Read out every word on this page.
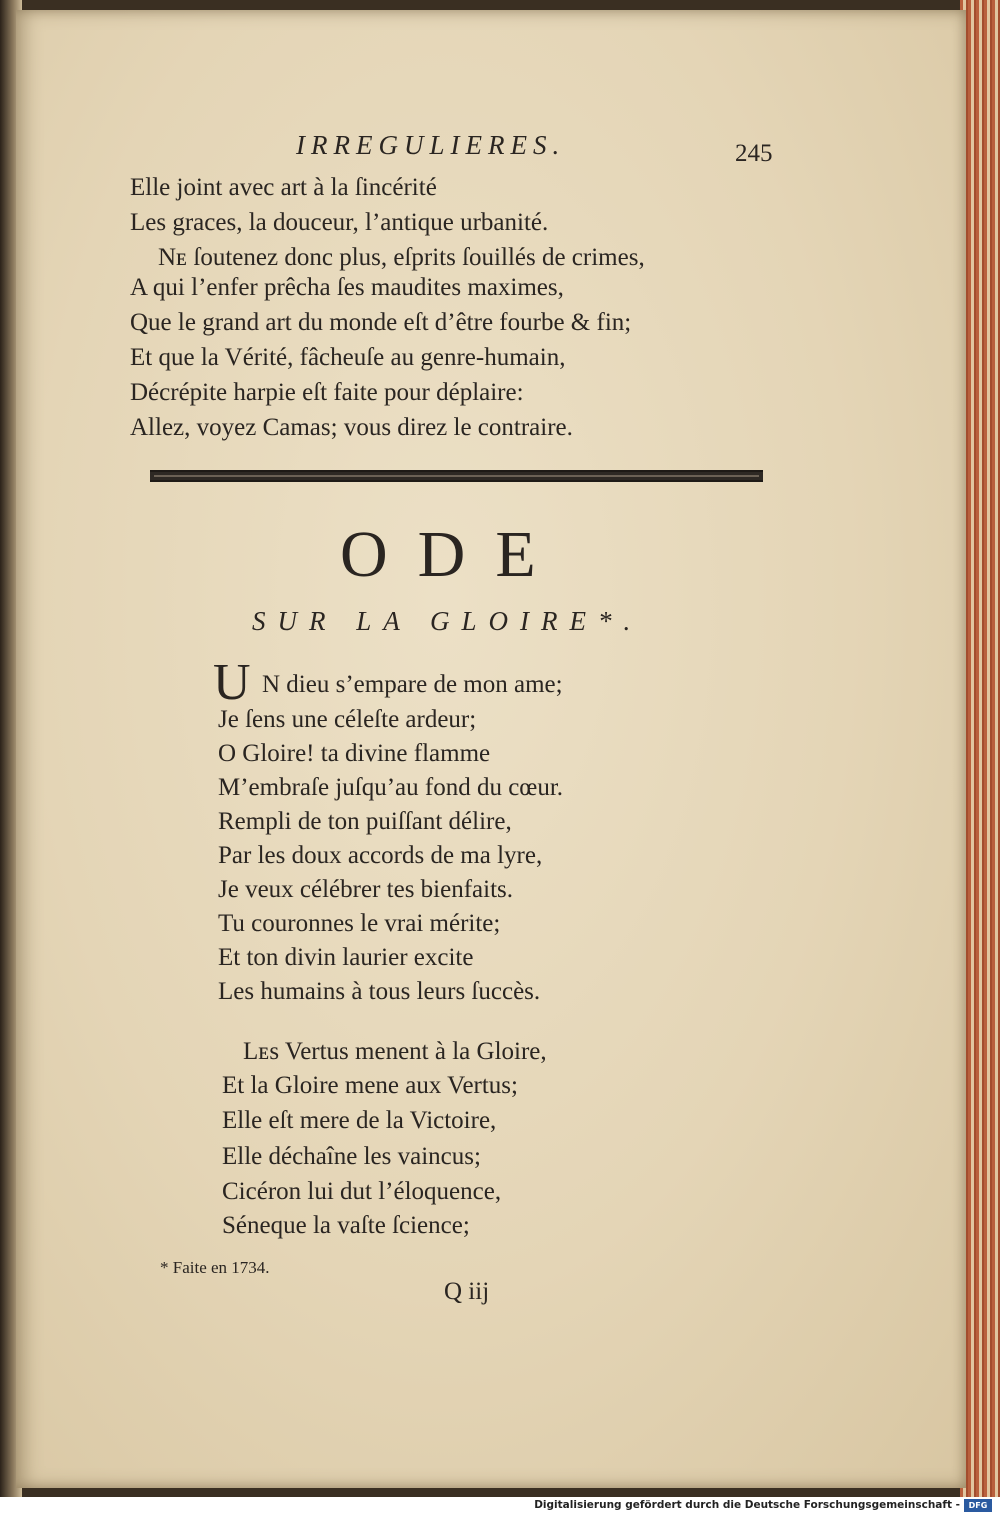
IRREGULIERES.	245
Elle joint avec art à la ſincérité
Les graces, la douceur, l’antique urbanité.
Nᴇ ſoutenez donc plus, eſprits ſouillés de crimes,
A qui l’enfer prêcha ſes maudites maximes,
Que le grand art du monde eſt d’être fourbe & fin;
Et que la Vérité, fâcheuſe au genre-humain,
Décrépite harpie eſt faite pour déplaire:
Allez, voyez Camas; vous direz le contraire.
ODE
SUR LA GLOIRE*.
U N dieu s’empare de mon ame;
Je ſens une céleſte ardeur;
O Gloire! ta divine flamme
M’embraſe juſqu’au fond du cœur.
Rempli de ton puiſſant délire,
Par les doux accords de ma lyre,
Je veux célébrer tes bienfaits.
Tu couronnes le vrai mérite;
Et ton divin laurier excite
Les humains à tous leurs ſuccès.
Lᴇs Vertus menent à la Gloire,
Et la Gloire mene aux Vertus;
Elle eſt mere de la Victoire,
Elle déchaîne les vaincus;
Cicéron lui dut l’éloquence,
Séneque la vaſte ſcience;
* Faite en 1734.
Q iij
Digitalisierung gefördert durch die Deutsche Forschungsgemeinschaft -	DFG
